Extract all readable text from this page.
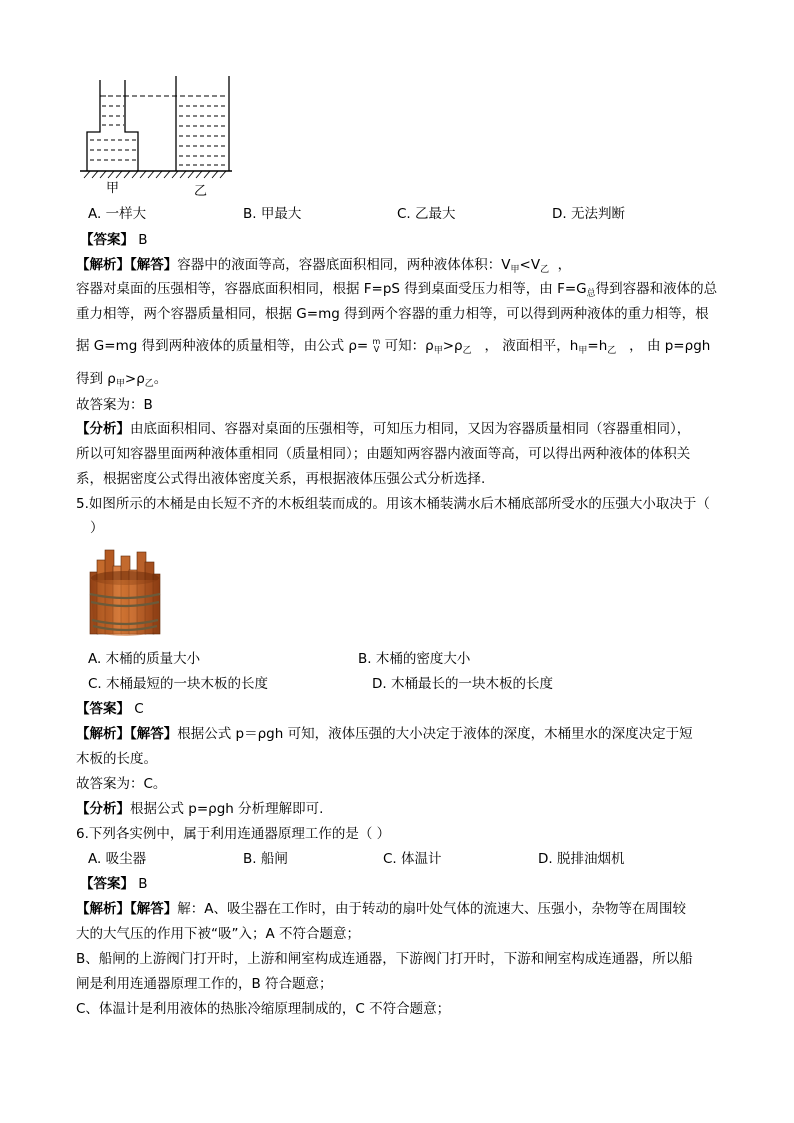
甲	乙
A. 一样大	B. 甲最大	C. 乙最大	D. 无法判断
【答案】 B
【解析】【解答】容器中的液面等高，容器底面积相同，两种液体体积：$V_甲<V_乙$ ，
容器对桌面的压强相等，容器底面积相同，根据 F=pS 得到桌面受压力相等，由 $F=G_总$得到容器和液体的总
重力相等，两个容器质量相同，根据 G=mg 得到两个容器的重力相等，可以得到两种液体的重力相等，根
据 G=mg 得到两种液体的质量相等，由公式 ρ= m
V 可知：$\rho_甲>\rho_乙$ ， 液面相平，$h_甲=h_乙$ ， 由 p=ρgh
得到 $\rho_甲>\rho_乙$。
故答案为：B
【分析】由底面积相同、容器对桌面的压强相等，可知压力相同，又因为容器质量相同（容器重相同），
所以可知容器里面两种液体重相同（质量相同）；由题知两容器内液面等高，可以得出两种液体的体积关
系，根据密度公式得出液体密度关系，再根据液体压强公式分析选择.
5.如图所示的木桶是由长短不齐的木板组装而成的。用该木桶装满水后木桶底部所受水的压强大小取决于（
）
A. 木桶的质量大小	B. 木桶的密度大小
C. 木桶最短的一块木板的长度	D. 木桶最长的一块木板的长度
【答案】 C
【解析】【解答】根据公式 p＝ρgh 可知，液体压强的大小决定于液体的深度，木桶里水的深度决定于短
木板的长度。
故答案为：C。
【分析】根据公式 p=ρgh 分析理解即可.
6.下列各实例中，属于利用连通器原理工作的是（ ）
A. 吸尘器	B. 船闸	C. 体温计	D. 脱排油烟机
【答案】 B
【解析】【解答】解：A、吸尘器在工作时，由于转动的扇叶处气体的流速大、压强小，杂物等在周围较
大的大气压的作用下被“吸”入；A 不符合题意；
B、船闸的上游阀门打开时，上游和闸室构成连通器，下游阀门打开时，下游和闸室构成连通器，所以船
闸是利用连通器原理工作的，B 符合题意；
C、体温计是利用液体的热胀冷缩原理制成的，C 不符合题意；
